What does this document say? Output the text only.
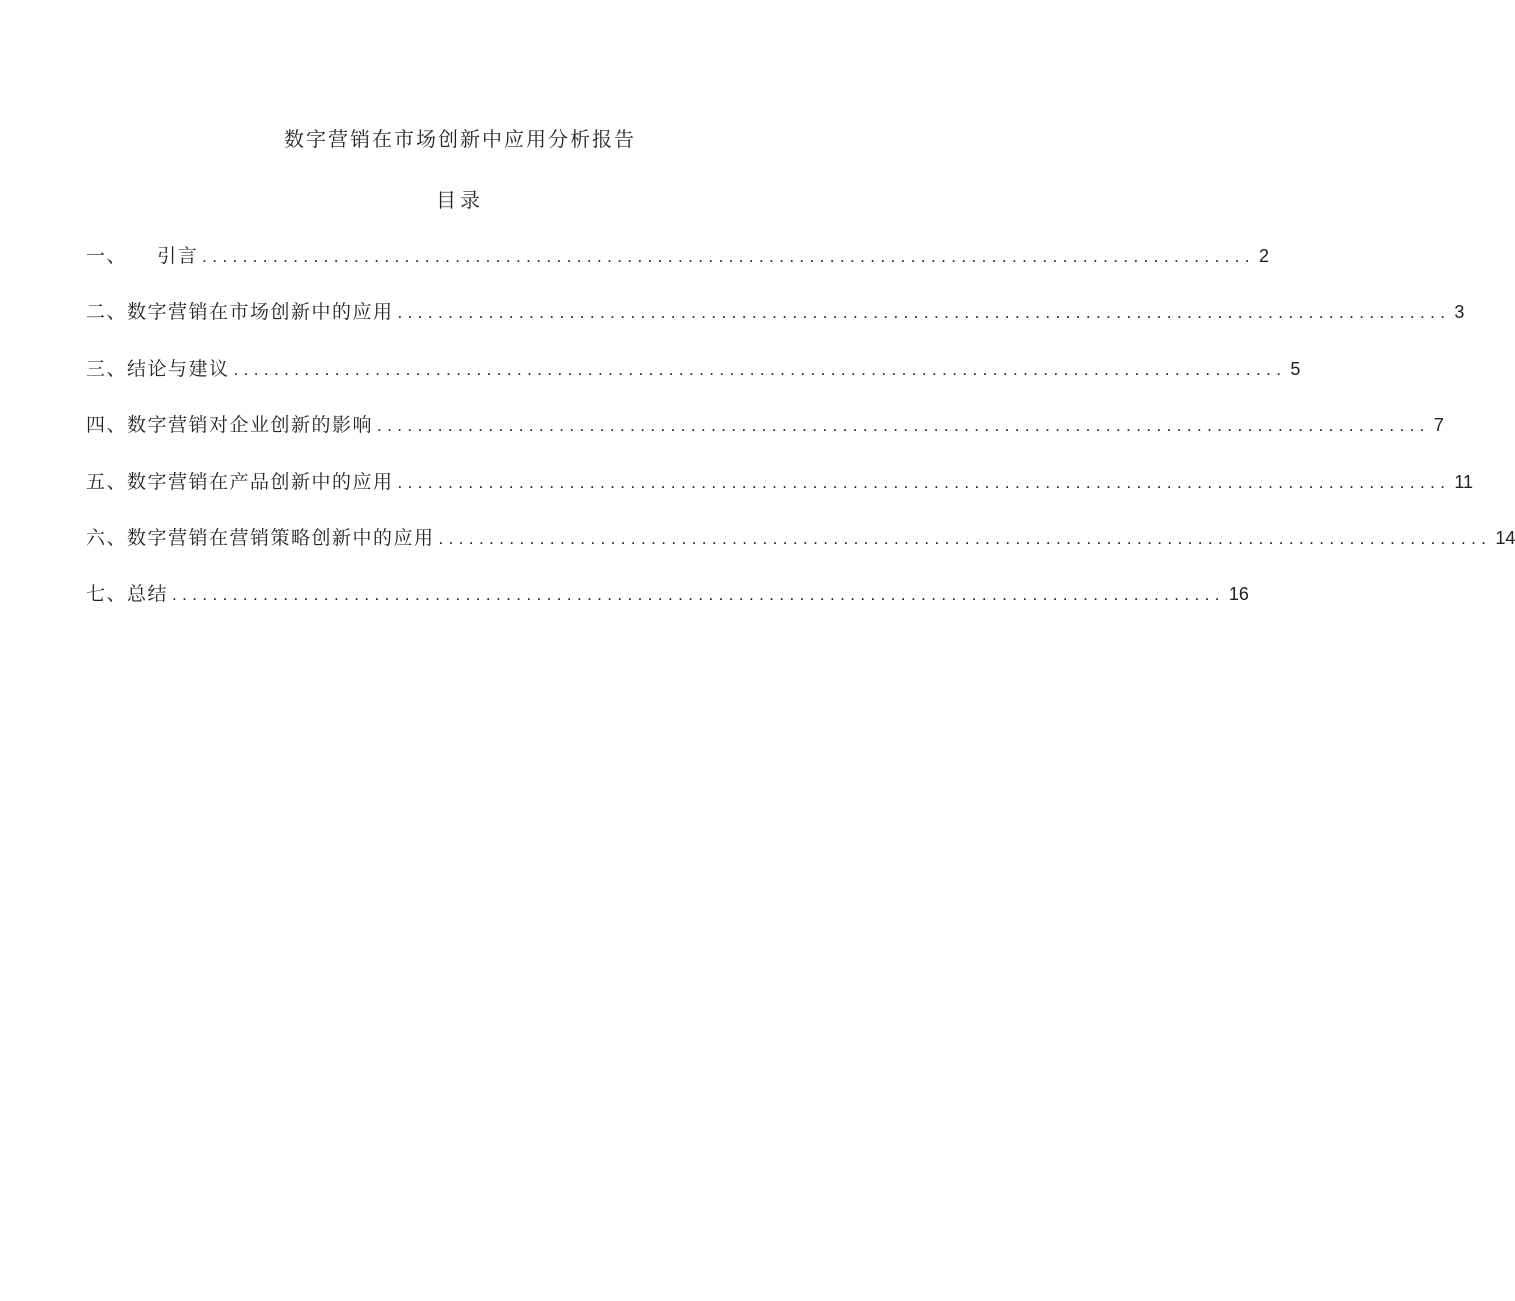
数字营销在市场创新中应用分析报告
目录
一、    引言 ........................................................................................................ 2
二、数字营销在市场创新中的应用 ........................................................................................................ 3
三、结论与建议 ........................................................................................................ 5
四、数字营销对企业创新的影响 ........................................................................................................ 7
五、数字营销在产品创新中的应用 ........................................................................................................ 11
六、数字营销在营销策略创新中的应用 ........................................................................................................ 14
七、总结 ........................................................................................................ 16
